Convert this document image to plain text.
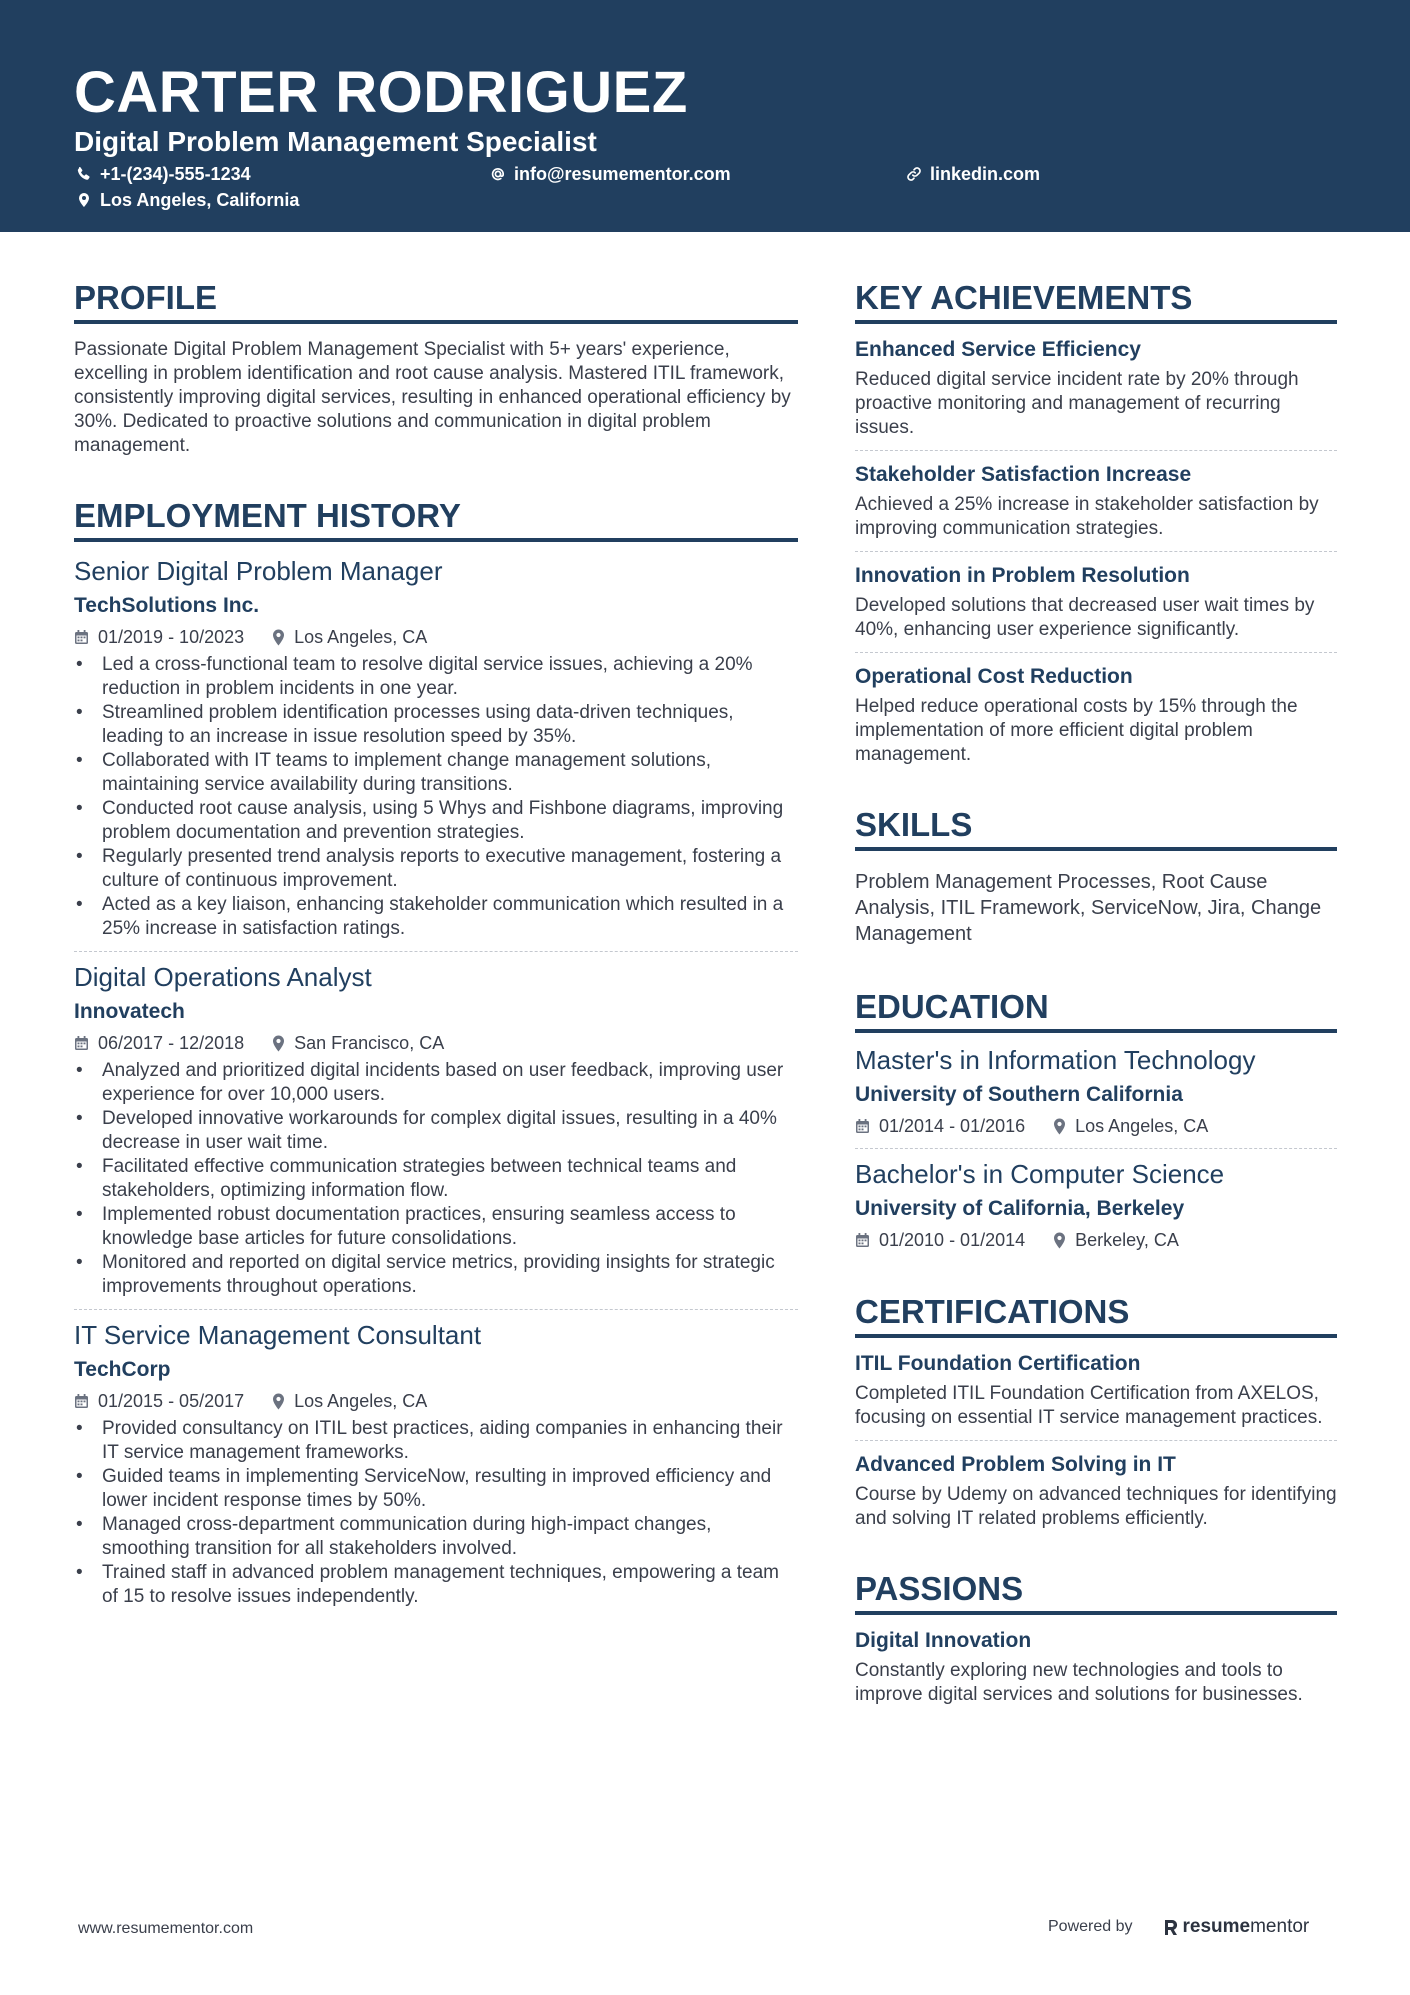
CARTER RODRIGUEZ
Digital Problem Management Specialist
+1-(234)-555-1234	info@resumementor.com	linkedin.com
Los Angeles, California
PROFILE

Passionate Digital Problem Management Specialist with 5+ years' experience, excelling in problem identification and root cause analysis. Mastered ITIL framework, consistently improving digital services, resulting in enhanced operational efficiency by 30%. Dedicated to proactive solutions and communication in digital problem management.

EMPLOYMENT HISTORY
Senior Digital Problem Manager
TechSolutions Inc.
01/2019 - 10/2023	Los Angeles, CA
• Led a cross-functional team to resolve digital service issues, achieving a 20% reduction in problem incidents in one year.
• Streamlined problem identification processes using data-driven techniques, leading to an increase in issue resolution speed by 35%.
• Collaborated with IT teams to implement change management solutions, maintaining service availability during transitions.
• Conducted root cause analysis, using 5 Whys and Fishbone diagrams, improving problem documentation and prevention strategies.
• Regularly presented trend analysis reports to executive management, fostering a culture of continuous improvement.
• Acted as a key liaison, enhancing stakeholder communication which resulted in a 25% increase in satisfaction ratings.
Digital Operations Analyst
Innovatech
06/2017 - 12/2018	San Francisco, CA
• Analyzed and prioritized digital incidents based on user feedback, improving user experience for over 10,000 users.
• Developed innovative workarounds for complex digital issues, resulting in a 40% decrease in user wait time.
• Facilitated effective communication strategies between technical teams and stakeholders, optimizing information flow.
• Implemented robust documentation practices, ensuring seamless access to knowledge base articles for future consolidations.
• Monitored and reported on digital service metrics, providing insights for strategic improvements throughout operations.
IT Service Management Consultant
TechCorp
01/2015 - 05/2017	Los Angeles, CA
• Provided consultancy on ITIL best practices, aiding companies in enhancing their IT service management frameworks.
• Guided teams in implementing ServiceNow, resulting in improved efficiency and lower incident response times by 50%.
• Managed cross-department communication during high-impact changes, smoothing transition for all stakeholders involved.
• Trained staff in advanced problem management techniques, empowering a team of 15 to resolve issues independently.
KEY ACHIEVEMENTS
Enhanced Service Efficiency

Reduced digital service incident rate by 20% through proactive monitoring and management of recurring issues.

Stakeholder Satisfaction Increase

Achieved a 25% increase in stakeholder satisfaction by improving communication strategies.

Innovation in Problem Resolution

Developed solutions that decreased user wait times by 40%, enhancing user experience significantly.

Operational Cost Reduction

Helped reduce operational costs by 15% through the implementation of more efficient digital problem management.

SKILLS

Problem Management Processes, Root Cause Analysis, ITIL Framework, ServiceNow, Jira, Change Management

EDUCATION
Master's in Information Technology
University of Southern California
01/2014 - 01/2016	Los Angeles, CA
Bachelor's in Computer Science
University of California, Berkeley
01/2010 - 01/2014	Berkeley, CA
CERTIFICATIONS
ITIL Foundation Certification

Completed ITIL Foundation Certification from AXELOS, focusing on essential IT service management practices.

Advanced Problem Solving in IT

Course by Udemy on advanced techniques for identifying and solving IT related problems efficiently.

PASSIONS
Digital Innovation

Constantly exploring new technologies and tools to improve digital services and solutions for businesses.

www.resumementor.com	Powered by	resume mentor
